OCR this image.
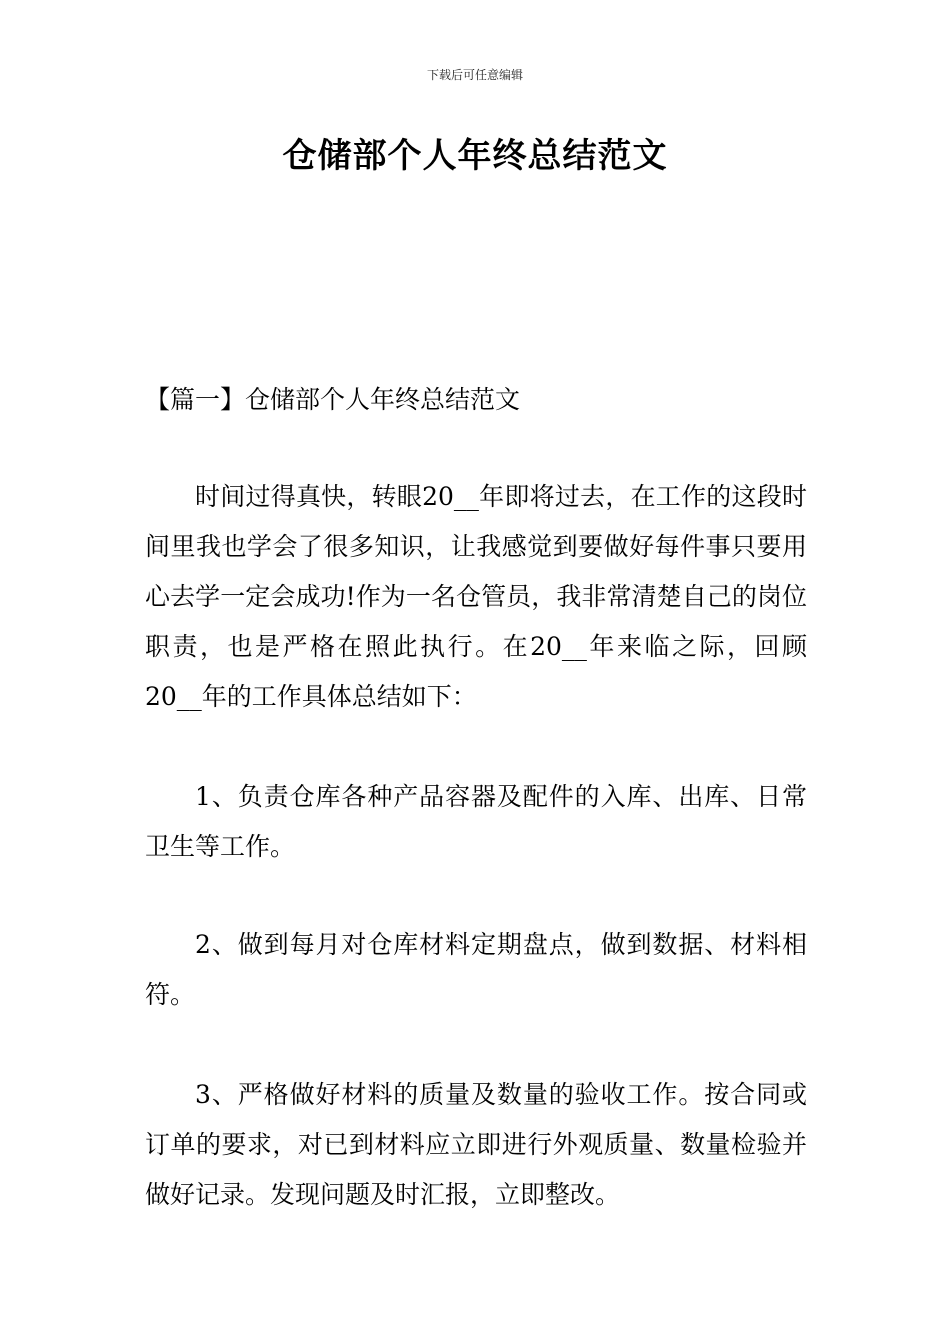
下载后可任意编辑
仓储部个人年终总结范文
【篇一】仓储部个人年终总结范文

时间过得真快，转眼20__年即将过去，在工作的这段时间里我也学会了很多知识，让我感觉到要做好每件事只要用心去学一定会成功!作为一名仓管员，我非常清楚自己的岗位职责，也是严格在照此执行。在20__年来临之际，回顾20__年的工作具体总结如下：

1、负责仓库各种产品容器及配件的入库、出库、日常卫生等工作。

2、做到每月对仓库材料定期盘点，做到数据、材料相符。

3、严格做好材料的质量及数量的验收工作。按合同或订单的要求，对已到材料应立即进行外观质量、数量检验并做好记录。发现问题及时汇报，立即整改。
